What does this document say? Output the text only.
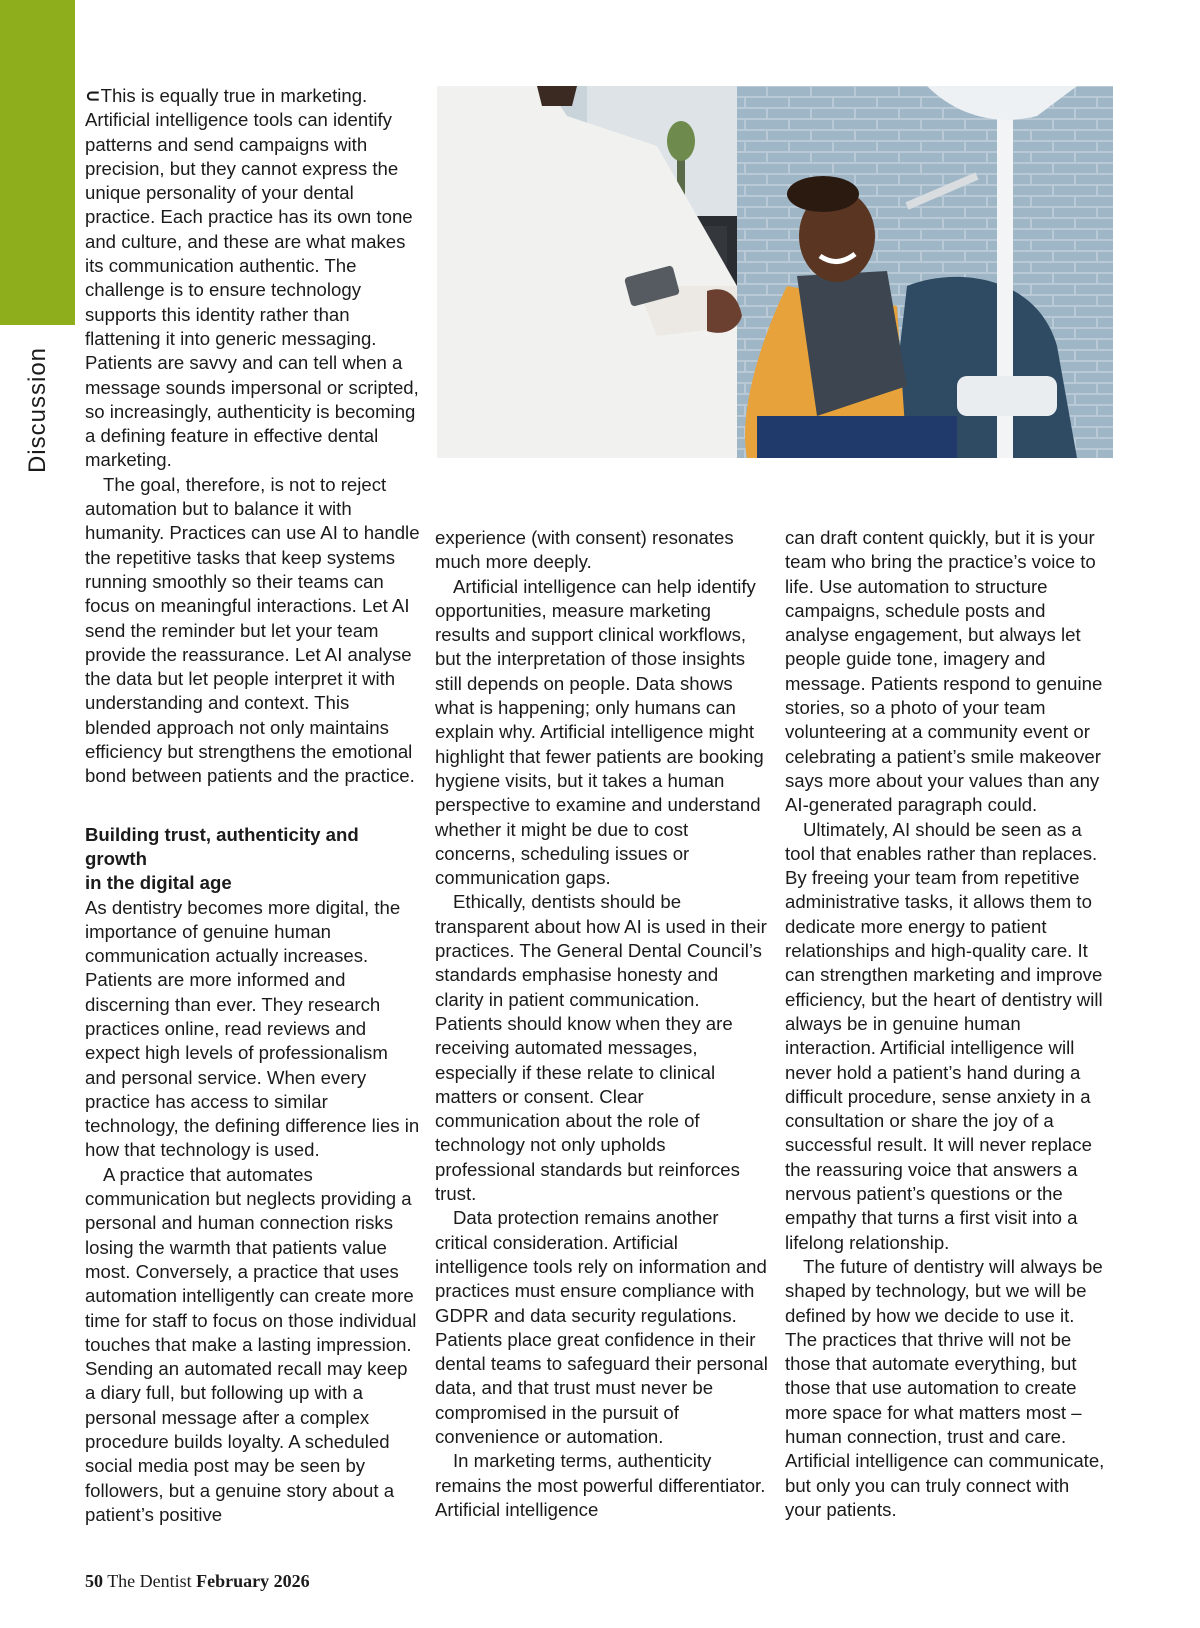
Discussion

⊂This is equally true in marketing. Artificial intelligence tools can identify patterns and send campaigns with precision, but they cannot express the unique personality of your dental practice. Each practice has its own tone and culture, and these are what makes its communication authentic. The challenge is to ensure technology supports this identity rather than flattening it into generic messaging. Patients are savvy and can tell when a message sounds impersonal or scripted, so increasingly, authenticity is becoming a defining feature in effective dental marketing.

The goal, therefore, is not to reject automation but to balance it with humanity. Practices can use AI to handle the repetitive tasks that keep systems running smoothly so their teams can focus on meaningful interactions. Let AI send the reminder but let your team provide the reassurance. Let AI analyse the data but let people interpret it with understanding and context. This blended approach not only maintains efficiency but strengthens the emotional bond between patients and the practice.

Building trust, authenticity and growth
in the digital age

As dentistry becomes more digital, the importance of genuine human communication actually increases. Patients are more informed and discerning than ever. They research practices online, read reviews and expect high levels of professionalism and personal service. When every practice has access to similar technology, the defining difference lies in how that technology is used.

A practice that automates communication but neglects providing a personal and human connection risks losing the warmth that patients value most. Conversely, a practice that uses automation intelligently can create more time for staff to focus on those individual touches that make a lasting impression. Sending an automated recall may keep a diary full, but following up with a personal message after a complex procedure builds loyalty. A scheduled social media post may be seen by followers, but a genuine story about a patient’s positive

experience (with consent) resonates much more deeply.

Artificial intelligence can help identify opportunities, measure marketing results and support clinical workflows, but the interpretation of those insights still depends on people. Data shows what is happening; only humans can explain why. Artificial intelligence might highlight that fewer patients are booking hygiene visits, but it takes a human perspective to examine and understand whether it might be due to cost concerns, scheduling issues or communication gaps.

Ethically, dentists should be transparent about how AI is used in their practices. The General Dental Council’s standards emphasise honesty and clarity in patient communication. Patients should know when they are receiving automated messages, especially if these relate to clinical matters or consent. Clear communication about the role of technology not only upholds professional standards but reinforces trust.

Data protection remains another critical consideration. Artificial intelligence tools rely on information and practices must ensure compliance with GDPR and data security regulations. Patients place great confidence in their dental teams to safeguard their personal data, and that trust must never be compromised in the pursuit of convenience or automation.

In marketing terms, authenticity remains the most powerful differentiator. Artificial intelligence

can draft content quickly, but it is your team who bring the practice’s voice to life. Use automation to structure campaigns, schedule posts and analyse engagement, but always let people guide tone, imagery and message. Patients respond to genuine stories, so a photo of your team volunteering at a community event or celebrating a patient’s smile makeover says more about your values than any AI-generated paragraph could.

Ultimately, AI should be seen as a tool that enables rather than replaces. By freeing your team from repetitive administrative tasks, it allows them to dedicate more energy to patient relationships and high-quality care. It can strengthen marketing and improve efficiency, but the heart of dentistry will always be in genuine human interaction. Artificial intelligence will never hold a patient’s hand during a difficult procedure, sense anxiety in a consultation or share the joy of a successful result. It will never replace the reassuring voice that answers a nervous patient’s questions or the empathy that turns a first visit into a lifelong relationship.

The future of dentistry will always be shaped by technology, but we will be defined by how we decide to use it. The practices that thrive will not be those that automate everything, but those that use automation to create more space for what matters most – human connection, trust and care. Artificial intelligence can communicate, but only you can truly connect with your patients.

50 The Dentist February 2026
